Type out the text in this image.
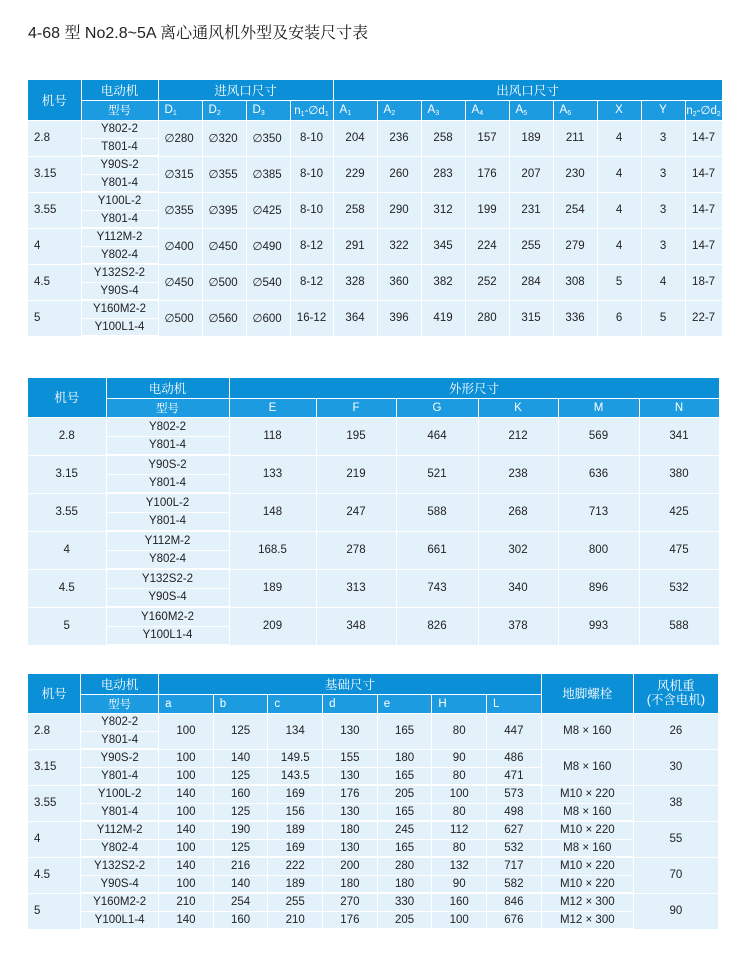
4-68 型 No2.8~5A 离心通风机外型及安装尺寸表
机号	电动机	进风口尺寸				出风口尺寸								
	型号	$D_1$	$D_2$	$D_3$	$n_1-\emptyset d_1$	$A_1$	$A_2$	$A_3$	$A_4$	$A_5$	$A_6$	X	Y	$n_2-\emptyset d_2$
2.8	Y802-2	∅280	∅320	∅350	8-10	204	236	258	157	189	211	4	3	14-7
	T801-4													
3.15	Y90S-2	∅315	∅355	∅385	8-10	229	260	283	176	207	230	4	3	14-7
	Y801-4													
3.55	Y100L-2	∅355	∅395	∅425	8-10	258	290	312	199	231	254	4	3	14-7
	Y801-4													
4	Y112M-2	∅400	∅450	∅490	8-12	291	322	345	224	255	279	4	3	14-7
	Y802-4													
4.5	Y132S2-2	∅450	∅500	∅540	8-12	328	360	382	252	284	308	5	4	18-7
	Y90S-4													
5	Y160M2-2	∅500	∅560	∅600	16-12	364	396	419	280	315	336	6	5	22-7
	Y100L1-4													
机号	电动机	外形尺寸					
	型号	E	F	G	K	M	N
2.8	Y802-2	118	195	464	212	569	341
	Y801-4						
3.15	Y90S-2	133	219	521	238	636	380
	Y801-4						
3.55	Y100L-2	148	247	588	268	713	425
	Y801-4						
4	Y112M-2	168.5	278	661	302	800	475
	Y802-4						
4.5	Y132S2-2	189	313	743	340	896	532
	Y90S-4						
5	Y160M2-2	209	348	826	378	993	588
	Y100L1-4						
机号	电动机	基础尺寸							地脚螺栓	风机重
(不含电机)
	型号	a	b	c	d	e	H	L		
2.8	Y802-2	100	125	134	130	165	80	447	M8 × 160	26
	Y801-4									
3.15	Y90S-2	100	140	149.5	155	180	90	486	M8 × 160	30
	Y801-4	100	125	143.5	130	165	80	471		
3.55	Y100L-2	140	160	169	176	205	100	573	M10 × 220	38
	Y801-4	100	125	156	130	165	80	498	M8 × 160	
4	Y112M-2	140	190	189	180	245	112	627	M10 × 220	55
	Y802-4	100	125	169	130	165	80	532	M8 × 160	
4.5	Y132S2-2	140	216	222	200	280	132	717	M10 × 220	70
	Y90S-4	100	140	189	180	180	90	582	M10 × 220	
5	Y160M2-2	210	254	255	270	330	160	846	M12 × 300	90
	Y100L1-4	140	160	210	176	205	100	676	M12 × 300	
